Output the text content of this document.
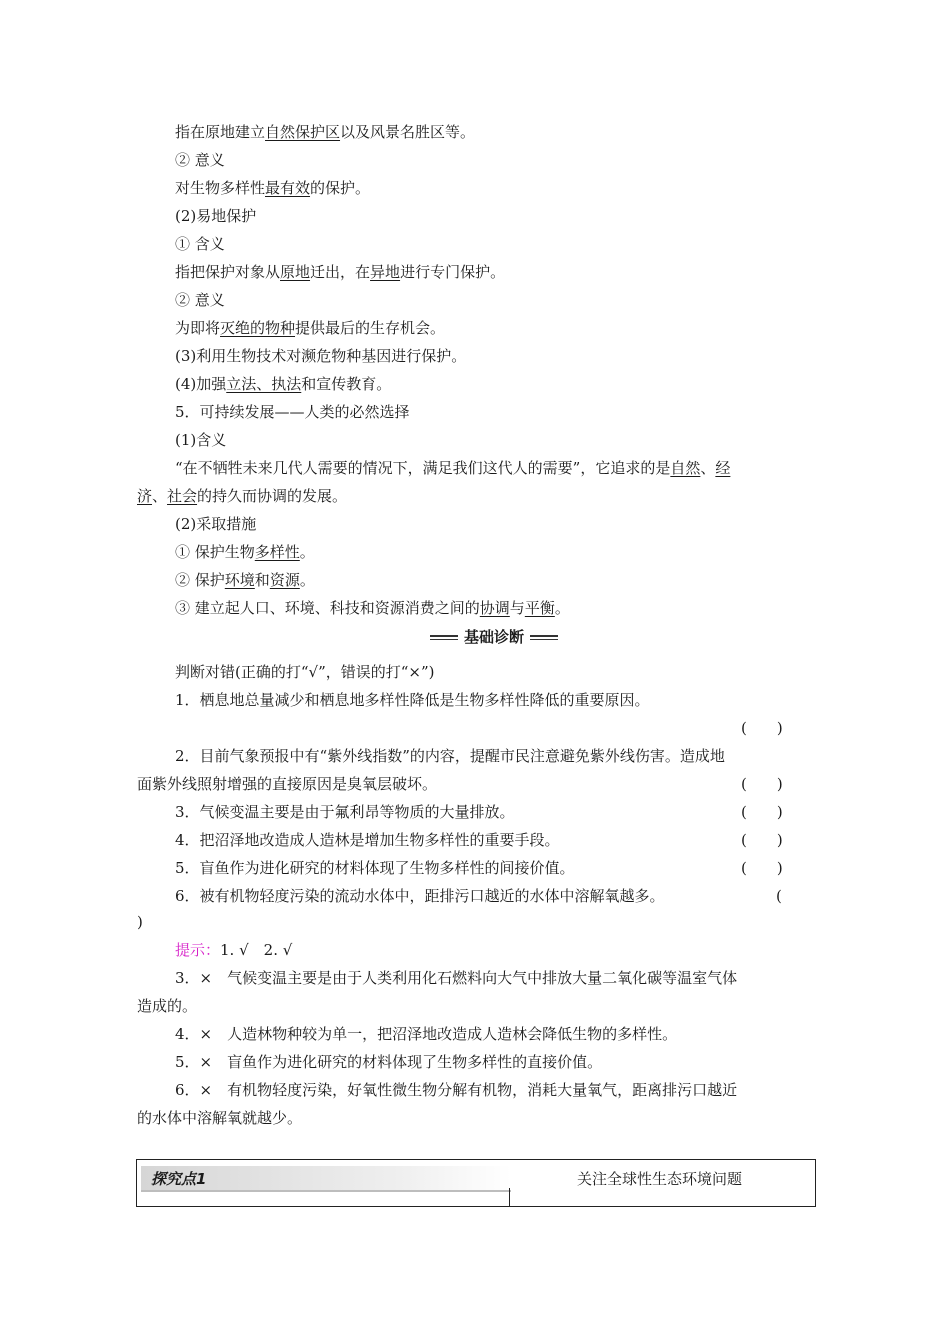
指在原地建立自然保护区以及风景名胜区等。
② 意义
对生物多样性最有效的保护。
(2)易地保护
① 含义
指把保护对象从原地迁出，在异地进行专门保护。
② 意义
为即将灭绝的物种提供最后的生存机会。
(3)利用生物技术对濒危物种基因进行保护。
(4)加强立法、执法和宣传教育。
5．可持续发展——人类的必然选择
(1)含义
“在不牺牲未来几代人需要的情况下，满足我们这代人的需要”，它追求的是自然、经
济、社会的持久而协调的发展。
(2)采取措施
① 保护生物多样性。
② 保护环境和资源。
③ 建立起人口、环境、科技和资源消费之间的协调与平衡。
基础诊断
判断对错(正确的打“√”，错误的打“×”)
1．栖息地总量减少和栖息地多样性降低是生物多样性降低的重要原因。
(　　)
2．目前气象预报中有“紫外线指数”的内容，提醒市民注意避免紫外线伤害。造成地
面紫外线照射增强的直接原因是臭氧层破坏。	(　　)
3．气候变温主要是由于氟利昂等物质的大量排放。	(　　)
4．把沼泽地改造成人造林是增加生物多样性的重要手段。	(　　)
5．盲鱼作为进化研究的材料体现了生物多样性的间接价值。	(　　)
6．被有机物轻度污染的流动水体中，距排污口越近的水体中溶解氧越多。	(
)
提示：1. √　2. √
3．×　气候变温主要是由于人类利用化石燃料向大气中排放大量二氧化碳等温室气体
造成的。
4．×　人造林物种较为单一，把沼泽地改造成人造林会降低生物的多样性。
5．×　盲鱼作为进化研究的材料体现了生物多样性的直接价值。
6．×　有机物轻度污染，好氧性微生物分解有机物，消耗大量氧气，距离排污口越近
的水体中溶解氧就越少。
探究点1	关注全球性生态环境问题
